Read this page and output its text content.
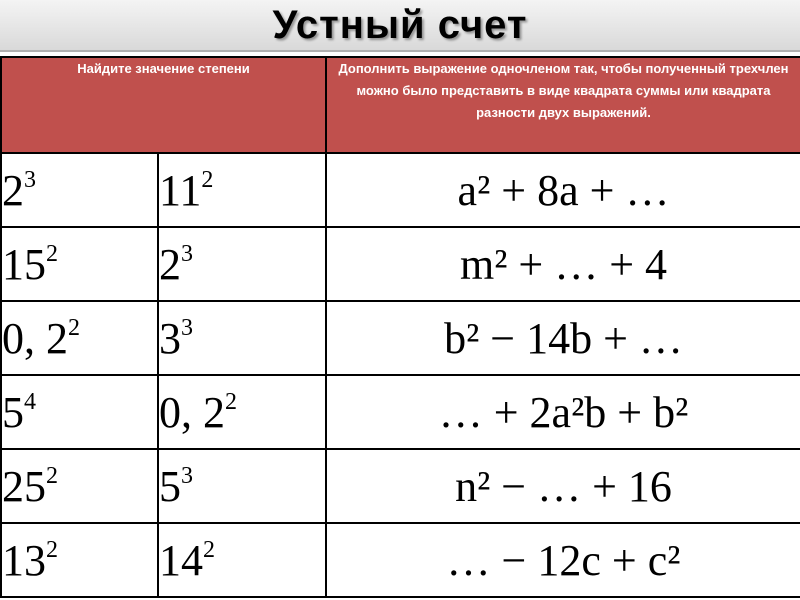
Устный счет
Найдите значение степени		Дополнить выражение одночленом так, чтобы полученный трехчлен можно было представить в виде квадрата суммы или квадрата разности двух выражений.
$2^3$	$11^2$	a² + 8a + …
$15^2$	$2^3$	m² + … + 4
0, $2^2$	$3^3$	b² − 14b + …
$5^4$	0, $2^2$	… + 2a²b + b²
$25^2$	$5^3$	n² − … + 16
$13^2$	$14^2$	… − 12c + c²
